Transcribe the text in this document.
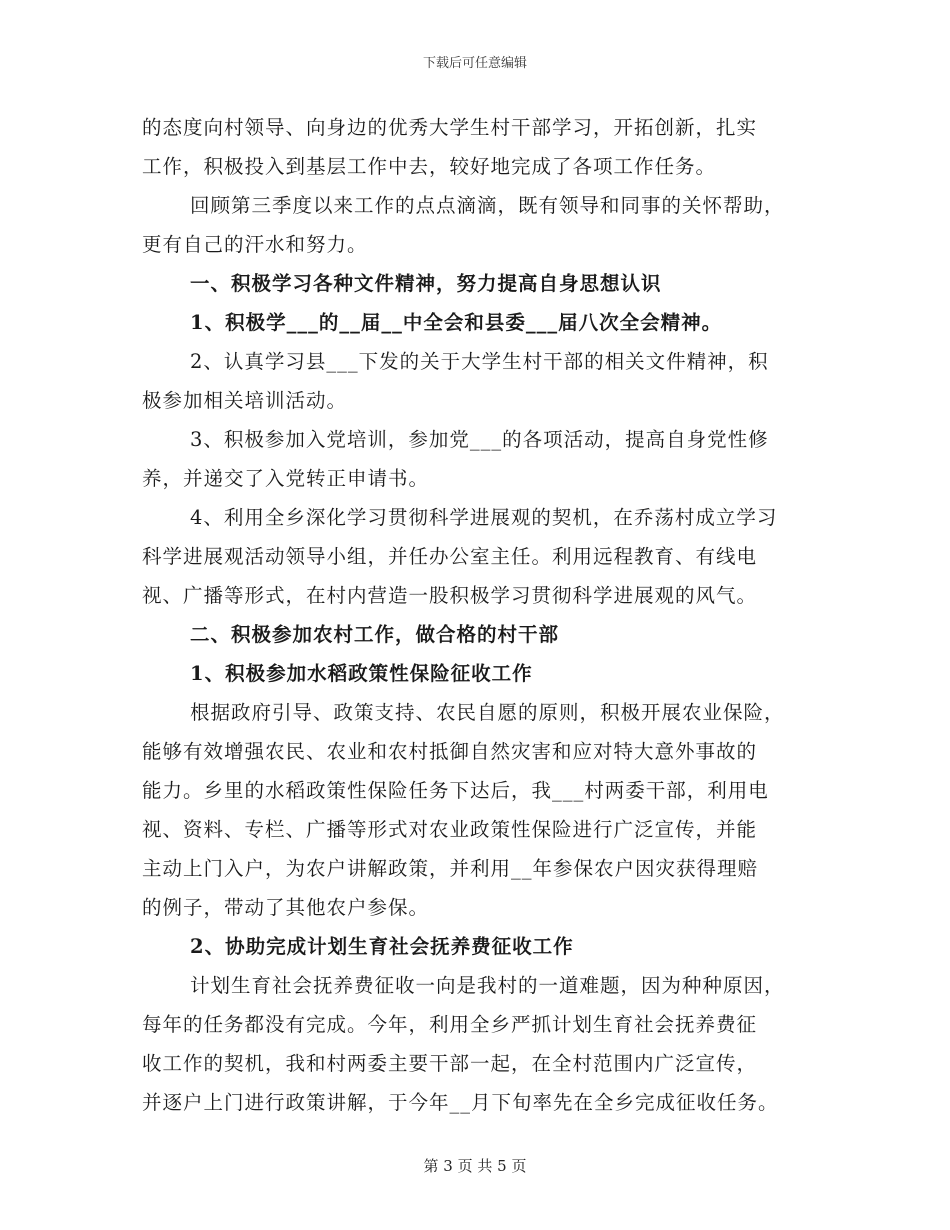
下载后可任意编辑
的态度向村领导、向身边的优秀大学生村干部学习，开拓创新，扎实
工作，积极投入到基层工作中去，较好地完成了各项工作任务。
回顾第三季度以来工作的点点滴滴，既有领导和同事的关怀帮助，
更有自己的汗水和努力。
一、积极学习各种文件精神，努力提高自身思想认识
1、积极学___的__届__中全会和县委___届八次全会精神。
2、认真学习县___下发的关于大学生村干部的相关文件精神，积
极参加相关培训活动。
3、积极参加入党培训，参加党___的各项活动，提高自身党性修
养，并递交了入党转正申请书。
4、利用全乡深化学习贯彻科学进展观的契机，在乔荡村成立学习
科学进展观活动领导小组，并任办公室主任。利用远程教育、有线电
视、广播等形式，在村内营造一股积极学习贯彻科学进展观的风气。
二、积极参加农村工作，做合格的村干部
1、积极参加水稻政策性保险征收工作
根据政府引导、政策支持、农民自愿的原则，积极开展农业保险，
能够有效增强农民、农业和农村抵御自然灾害和应对特大意外事故的
能力。乡里的水稻政策性保险任务下达后，我___村两委干部，利用电
视、资料、专栏、广播等形式对农业政策性保险进行广泛宣传，并能
主动上门入户，为农户讲解政策，并利用__年参保农户因灾获得理赔
的例子，带动了其他农户参保。
2、协助完成计划生育社会抚养费征收工作
计划生育社会抚养费征收一向是我村的一道难题，因为种种原因，
每年的任务都没有完成。今年，利用全乡严抓计划生育社会抚养费征
收工作的契机，我和村两委主要干部一起，在全村范围内广泛宣传，
并逐户上门进行政策讲解，于今年__月下旬率先在全乡完成征收任务。
第 3 页 共 5 页
